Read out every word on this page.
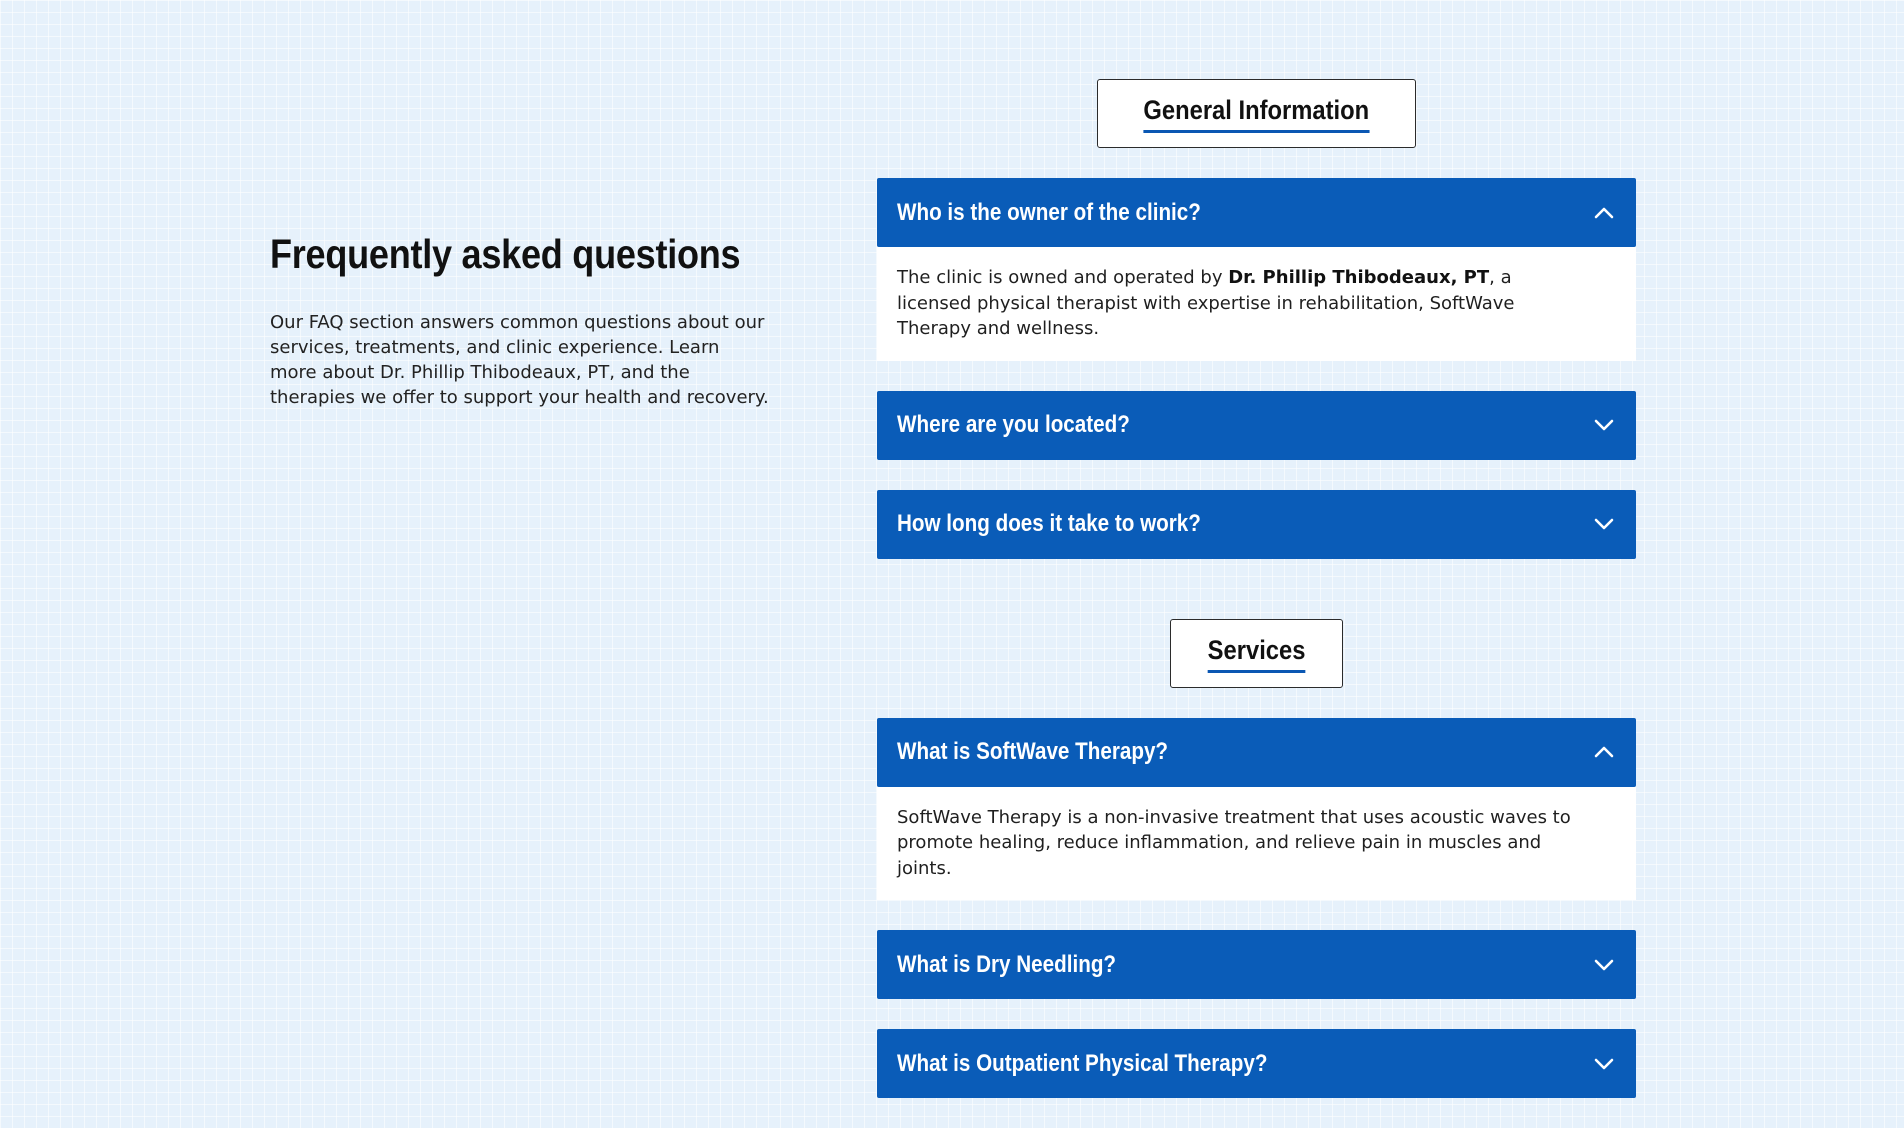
Frequently asked questions

Our FAQ section answers common questions about our services, treatments, and clinic experience. Learn more about Dr. Phillip Thibodeaux, PT, and the therapies we offer to support your health and recovery.

General Information
Who is the owner of the clinic?
The clinic is owned and operated by Dr. Phillip Thibodeaux, PT, a licensed physical therapist with expertise in rehabilitation, SoftWave Therapy and wellness.
Where are you located?
How long does it take to work?
Services
What is SoftWave Therapy?
SoftWave Therapy is a non-invasive treatment that uses acoustic waves to promote healing, reduce inflammation, and relieve pain in muscles and joints.
What is Dry Needling?
What is Outpatient Physical Therapy?
